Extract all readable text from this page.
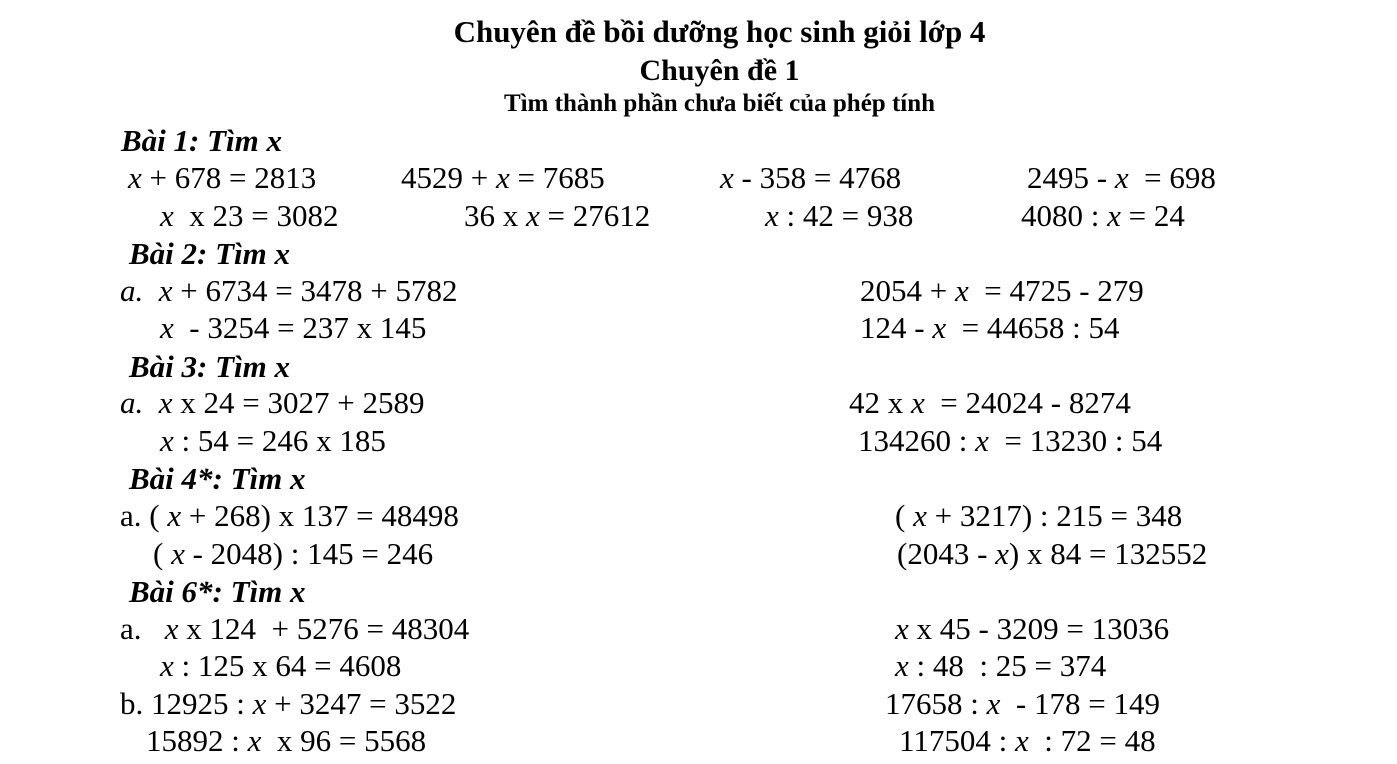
Chuyên đề bồi dưỡng học sinh giỏi lớp 4
Chuyên đề 1
Tìm thành phần chưa biết của phép tính
Bài 1: Tìm x
x + 678 = 2813	4529 + x = 7685	x - 358 = 4768	2495 - x  = 698
x  x 23 = 3082	36 x x = 27612	x : 42 = 938	4080 : x = 24
Bài 2: Tìm x
a.  x + 6734 = 3478 + 5782	2054 + x  = 4725 - 279
x  - 3254 = 237 x 145	124 - x  = 44658 : 54
Bài 3: Tìm x
a.  x x 24 = 3027 + 2589	42 x x  = 24024 - 8274
x : 54 = 246 x 185	134260 : x  = 13230 : 54
Bài 4*: Tìm x
a. ( x + 268) x 137 = 48498	( x + 3217) : 215 = 348
( x - 2048) : 145 = 246	(2043 - x) x 84 = 132552
Bài 6*: Tìm x
a.   x x 124  + 5276 = 48304	x x 45 - 3209 = 13036
x : 125 x 64 = 4608	x : 48  : 25 = 374
b. 12925 : x + 3247 = 3522	17658 : x  - 178 = 149
15892 : x  x 96 = 5568	117504 : x  : 72 = 48
